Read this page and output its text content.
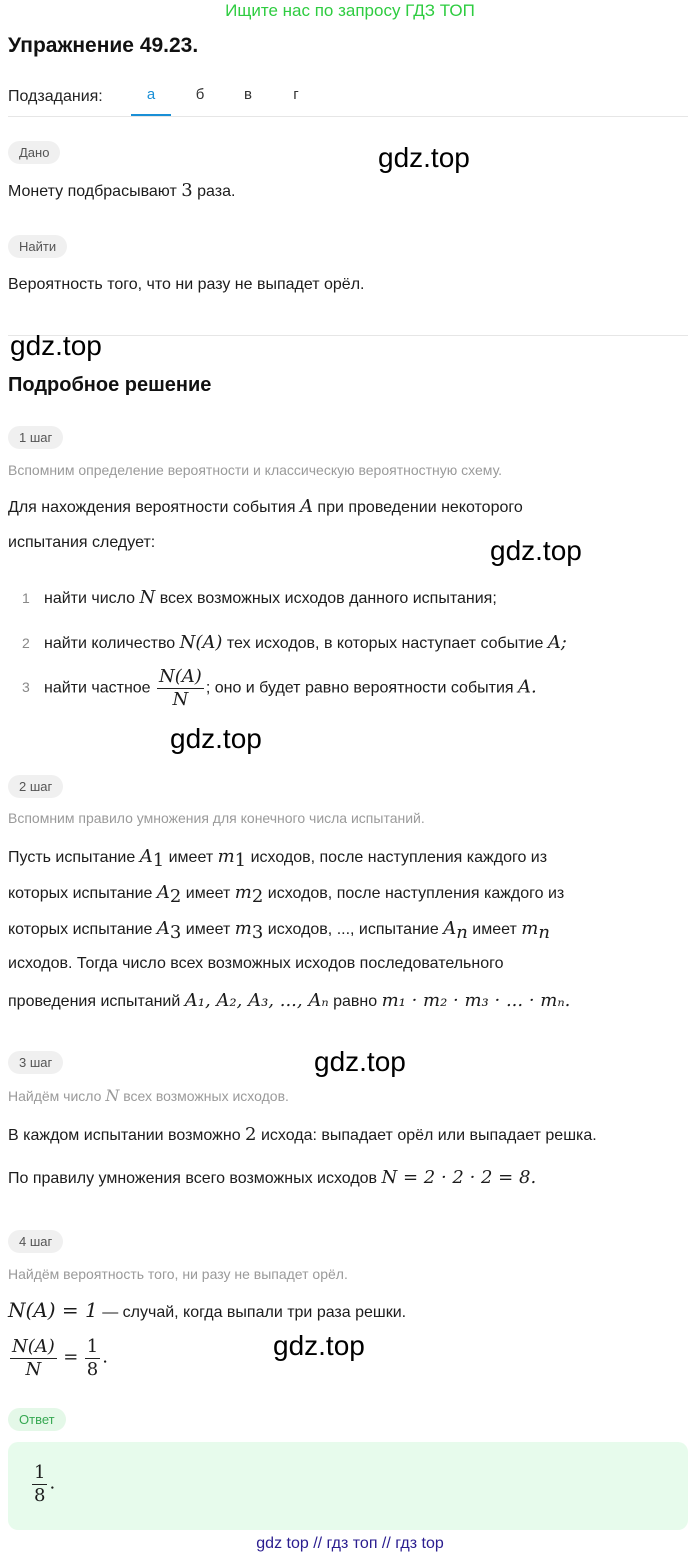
Ищите нас по запросу ГДЗ ТОП
Упражнение 49.23.
Подзадания:	а	б	в	г
Дано
Монету подбрасывают 3 раза.
Найти
Вероятность того, что ни разу не выпадет орёл.
gdz.top
gdz.top
gdz.top
gdz.top
gdz.top
gdz.top
Подробное решение
1 шаг
Вспомним определение вероятности и классическую вероятностную схему.
Для нахождения вероятности события A при проведении некоторого
испытания следует:
1 найти число N всех возможных исходов данного испытания;
2 найти количество N(A) тех исходов, в которых наступает событие A;
3 найти частное $\frac{N(A)}{N}$ ; оно и будет равно вероятности события A.
2 шаг
Вспомним правило умножения для конечного числа испытаний.
Пусть испытание $A_1$ имеет $m_1$ исходов, после наступления каждого из
которых испытание $A_2$ имеет $m_2$ исходов, после наступления каждого из
которых испытание $A_3$ имеет $m_3$ исходов, ..., испытание $A_n$ имеет $m_n$
исходов. Тогда число всех возможных исходов последовательного
проведения испытаний A₁, A₂, A₃, ..., Aₙ равно m₁ · m₂ · m₃ · ... · mₙ.
3 шаг
Найдём число N всех возможных исходов.
В каждом испытании возможно 2 исхода: выпадает орёл или выпадает решка.
По правилу умножения всего возможных исходов N = 2 · 2 · 2 = 8.
4 шаг
Найдём вероятность того, ни разу не выпадет орёл.
N(A) = 1 — случай, когда выпали три раза решки.
$\frac{N(A)}{N} = \frac{1}{8}$ .
Ответ
$\frac{1}{8}$ .
gdz top // гдз топ // гдз top
